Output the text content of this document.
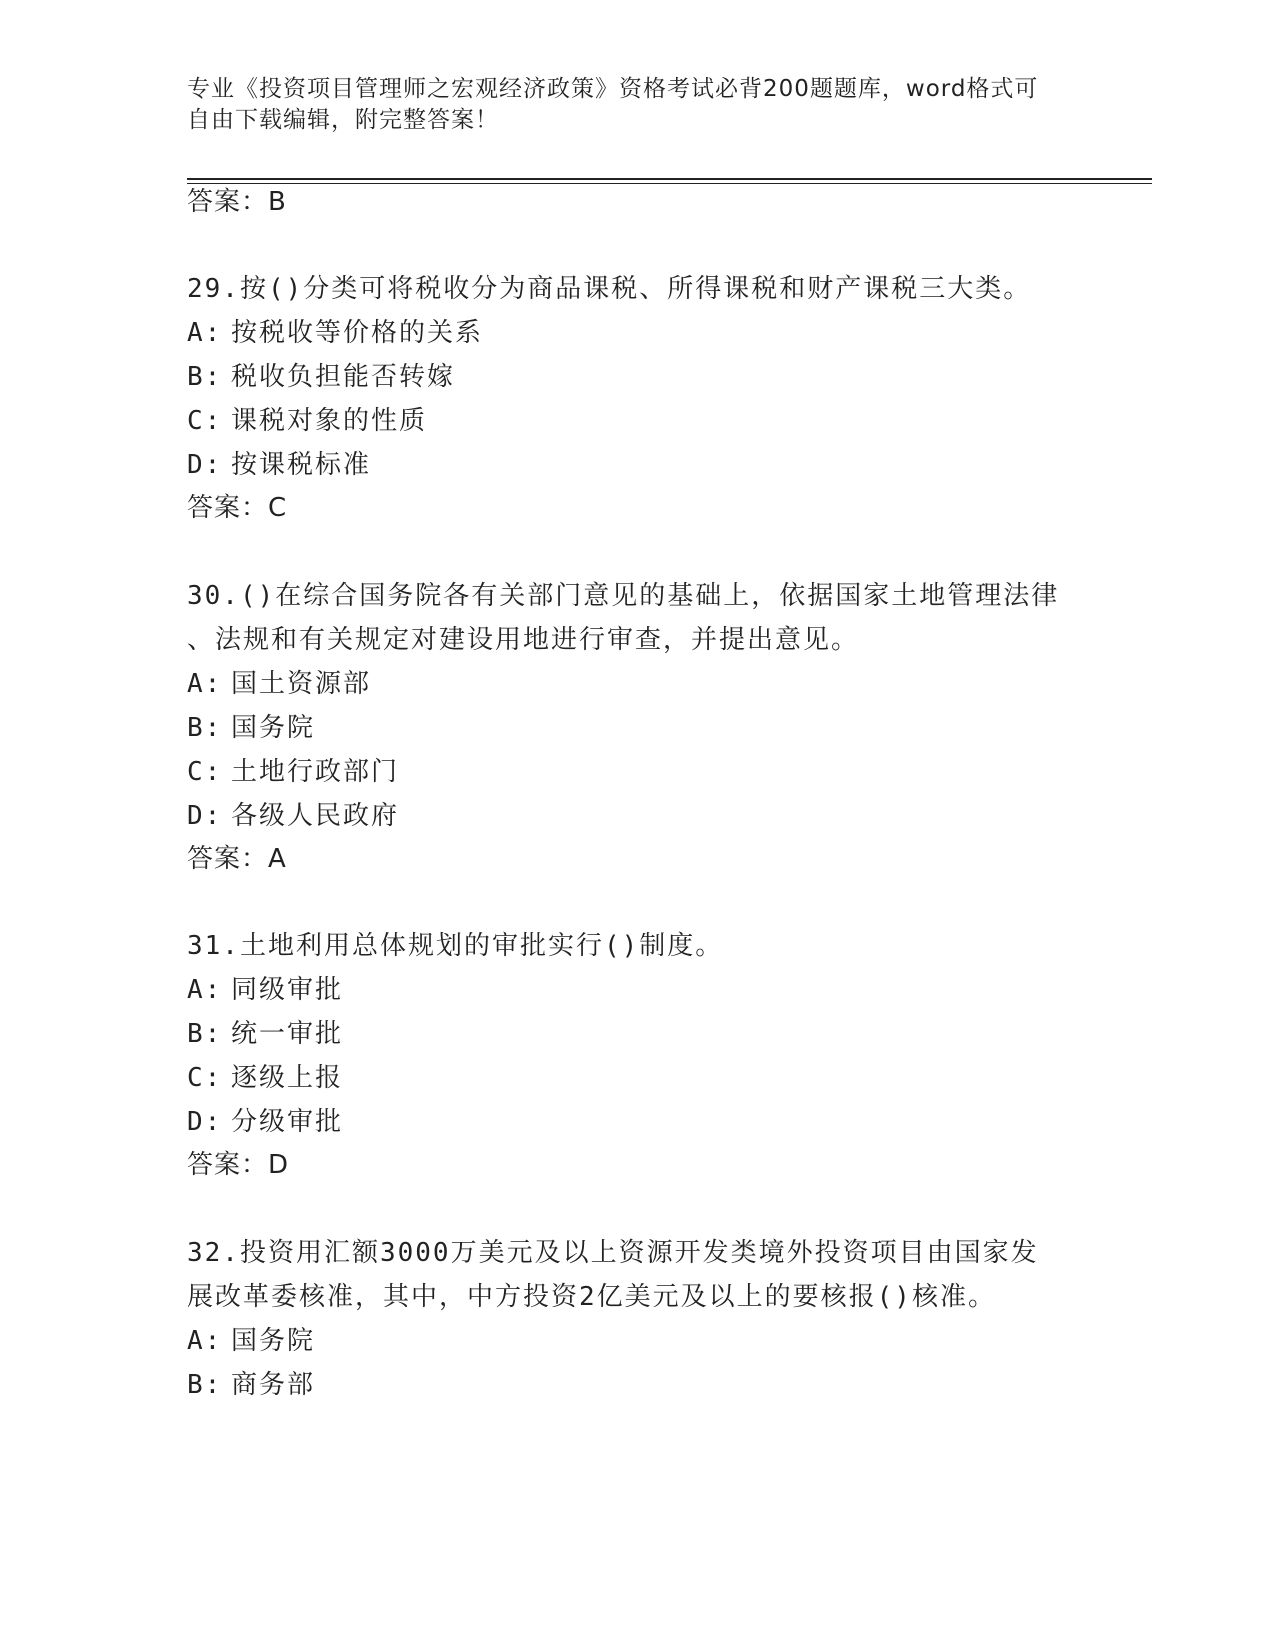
专业《投资项目管理师之宏观经济政策》资格考试必背200题题库，word格式可
自由下载编辑，附完整答案！
答案：B
29.按()分类可将税收分为商品课税、所得课税和财产课税三大类。
A: 按税收等价格的关系
B: 税收负担能否转嫁
C: 课税对象的性质
D: 按课税标准
答案：C
30.()在综合国务院各有关部门意见的基础上，依据国家土地管理法律
、法规和有关规定对建设用地进行审查，并提出意见。
A: 国土资源部
B: 国务院
C: 土地行政部门
D: 各级人民政府
答案：A
31.土地利用总体规划的审批实行()制度。
A: 同级审批
B: 统一审批
C: 逐级上报
D: 分级审批
答案：D
32.投资用汇额3000万美元及以上资源开发类境外投资项目由国家发
展改革委核准，其中，中方投资2亿美元及以上的要核报()核准。
A: 国务院
B: 商务部
